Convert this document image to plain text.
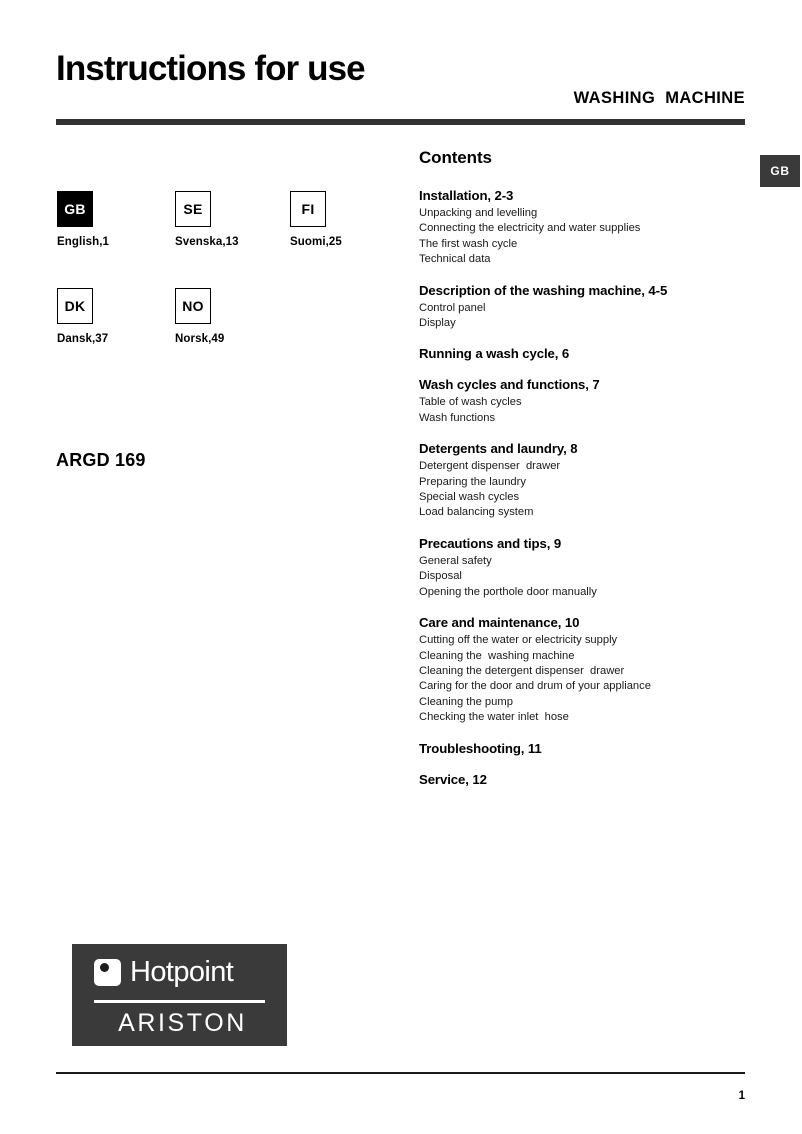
Instructions for use
WASHING  MACHINE
GB
GB
English,1
SE
Svenska,13
FI
Suomi,25
DK
Dansk,37
NO
Norsk,49
ARGD 169
Contents
Installation, 2-3
Unpacking and levelling
Connecting the electricity and water supplies
The first wash cycle
Technical data
Description of the washing machine, 4-5
Control panel
Display
Running a wash cycle, 6
Wash cycles and functions, 7
Table of wash cycles
Wash functions
Detergents and laundry, 8
Detergent dispenser  drawer
Preparing the laundry
Special wash cycles
Load balancing system
Precautions and tips, 9
General safety
Disposal
Opening the porthole door manually
Care and maintenance, 10
Cutting off the water or electricity supply
Cleaning the  washing machine
Cleaning the detergent dispenser  drawer
Caring for the door and drum of your appliance
Cleaning the pump
Checking the water inlet  hose
Troubleshooting, 11
Service, 12
Hotpoint
ARISTON
1
